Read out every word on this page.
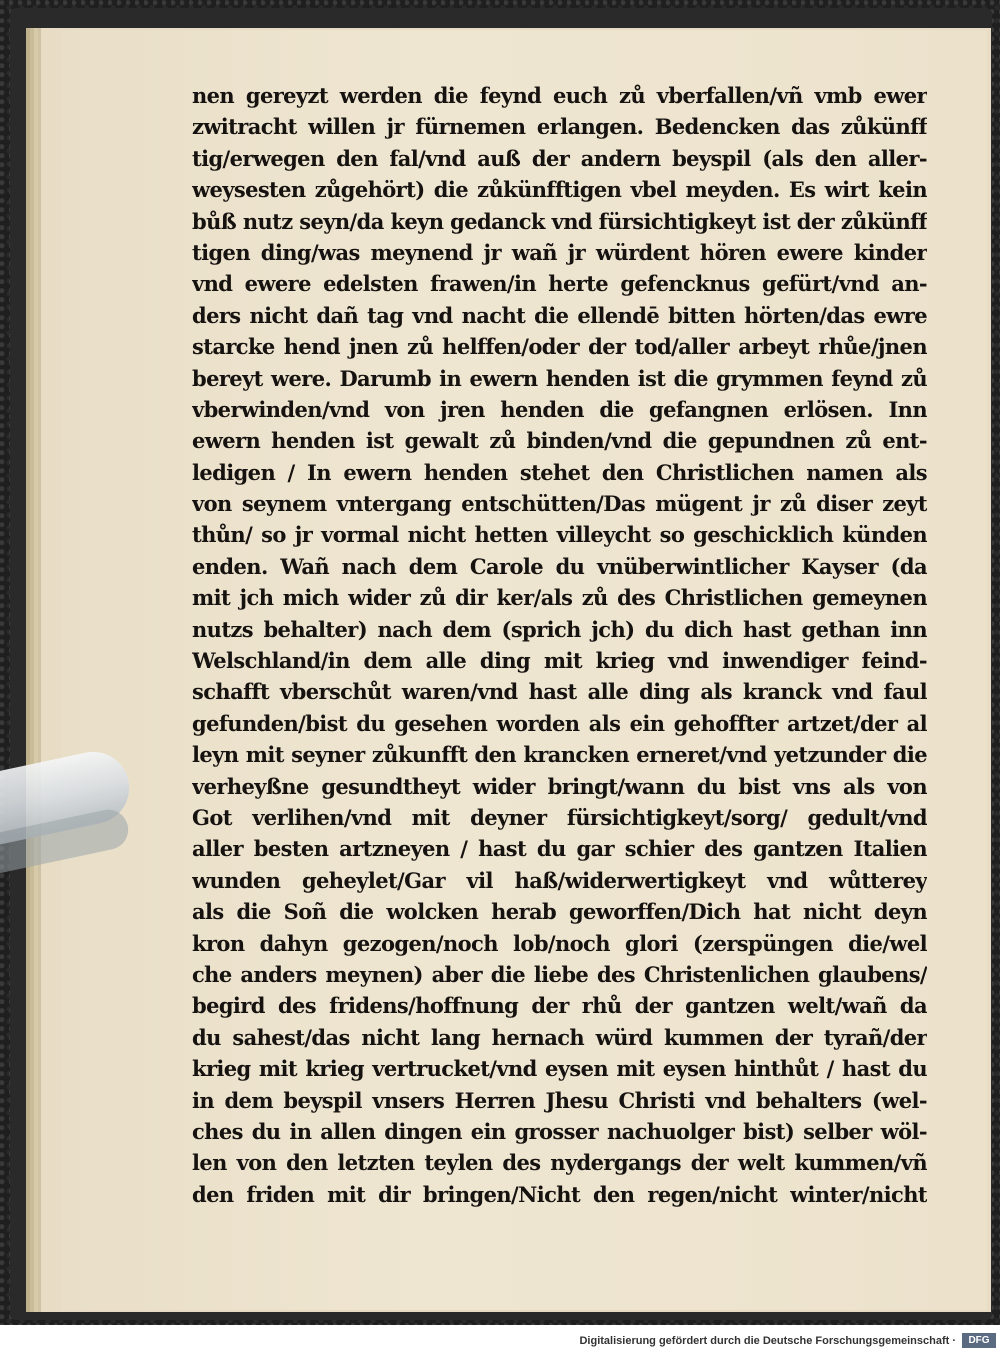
nen gereyzt werden die feynd euch zů vberfallen/vñ vmb ewer
zwitracht willen jr fürnemen erlangen. Bedencken das zůkünff
tig/erwegen den fal/vnd auß der andern beyspil (als den aller-
weysesten zůgehört) die zůkünfftigen vbel meyden. Es wirt kein
bůß nutz seyn/da keyn gedanck vnd fürsichtigkeyt ist der zůkünff
tigen ding/was meynend jr wañ jr würdent hören ewere kinder
vnd ewere edelsten frawen/in herte gefencknus gefürt/vnd an-
ders nicht dañ tag vnd nacht die ellendē bitten hörten/das ewre
starcke hend jnen zů helffen/oder der tod/aller arbeyt rhůe/jnen
bereyt were. Darumb in ewern henden ist die grymmen feynd zů
vberwinden/vnd von jren henden die gefangnen erlösen. Inn
ewern henden ist gewalt zů binden/vnd die gepundnen zů ent-
ledigen / In ewern henden stehet den Christlichen namen als
von seynem vntergang entschütten/Das mügent jr zů diser zeyt
thůn/ so jr vormal nicht hetten villeycht so geschicklich künden
enden. Wañ nach dem Carole du vnüberwintlicher Kayser (da
mit jch mich wider zů dir ker/als zů des Christlichen gemeynen
nutzs behalter) nach dem (sprich jch) du dich hast gethan inn
Welschland/in dem alle ding mit krieg vnd inwendiger feind-
schafft vberschůt waren/vnd hast alle ding als kranck vnd faul
gefunden/bist du gesehen worden als ein gehoffter artzet/der al
leyn mit seyner zůkunfft den krancken erneret/vnd yetzunder die
verheyßne gesundtheyt wider bringt/wann du bist vns als von
Got verlihen/vnd mit deyner fürsichtigkeyt/sorg/ gedult/vnd
aller besten artzneyen / hast du gar schier des gantzen Italien
wunden geheylet/Gar vil haß/widerwertigkeyt vnd wůtterey
als die Soñ die wolcken herab geworffen/Dich hat nicht deyn
kron dahyn gezogen/noch lob/noch glori (zerspüngen die/wel
che anders meynen) aber die liebe des Christenlichen glaubens/
begird des fridens/hoffnung der rhů der gantzen welt/wañ da
du sahest/das nicht lang hernach würd kummen der tyrañ/der
krieg mit krieg vertrucket/vnd eysen mit eysen hinthůt / hast du
in dem beyspil vnsers Herren Jhesu Christi vnd behalters (wel-
ches du in allen dingen ein grosser nachuolger bist) selber wöl-
len von den letzten teylen des nydergangs der welt kummen/vñ
den friden mit dir bringen/Nicht den regen/nicht winter/nicht
Digitalisierung gefördert durch die Deutsche Forschungsgemeinschaft ·	DFG
